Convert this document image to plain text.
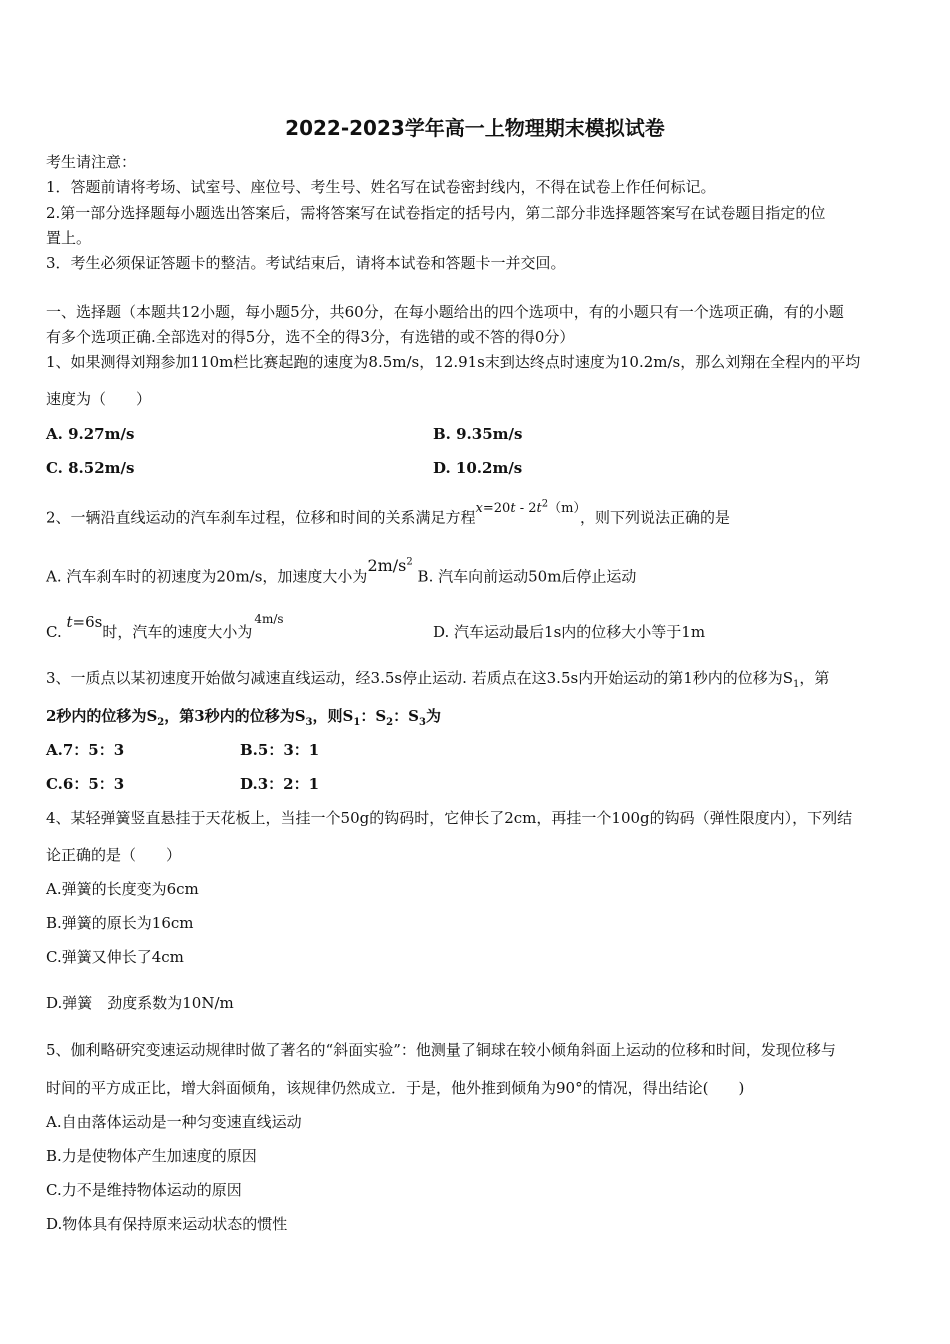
2022-2023学年高一上物理期末模拟试卷
考生请注意：
1．答题前请将考场、试室号、座位号、考生号、姓名写在试卷密封线内，不得在试卷上作任何标记。
2.第一部分选择题每小题选出答案后，需将答案写在试卷指定的括号内，第二部分非选择题答案写在试卷题目指定的位
置上。
3．考生必须保证答题卡的整洁。考试结束后，请将本试卷和答题卡一并交回。
一、选择题（本题共12小题，每小题5分，共60分，在每小题给出的四个选项中，有的小题只有一个选项正确，有的小题
有多个选项正确.全部选对的得5分，选不全的得3分，有选错的或不答的得0分）
1、如果测得刘翔参加110m栏比赛起跑的速度为8.5m/s，12.91s末到达终点时速度为10.2m/s，那么刘翔在全程内的平均
速度为（　　）
A. 9.27m/s	B. 9.35m/s
C. 8.52m/s	D. 10.2m/s
2、一辆沿直线运动的汽车刹车过程，位移和时间的关系满足方程$x=20t - 2t^2(m)$，则下列说法正确的是
A. 汽车刹车时的初速度为20m/s，加速度大小为$2m/s^2$ B. 汽车向前运动50m后停止运动
C. t=6s时，汽车的速度大小为$^{4m/s}$
D. 汽车运动最后1s内的位移大小等于1m
3、一质点以某初速度开始做匀减速直线运动，经3.5s停止运动. 若质点在这3.5s内开始运动的第1秒内的位移为$S_1$，第
2秒内的位移为$S_2$，第3秒内的位移为$S_3$，则$S_1$：$S_2$：$S_3$为
A.7：5：3	B.5：3：1
C.6：5：3	D.3：2：1
4、某轻弹簧竖直悬挂于天花板上，当挂一个50g的钩码时，它伸长了2cm，再挂一个100g的钩码（弹性限度内），下列结
论正确的是（　　）
A.弹簧的长度变为6cm
B.弹簧的原长为16cm
C.弹簧又伸长了4cm
D.弹簧　劲度系数为10N/m
5、伽利略研究变速运动规律时做了著名的“斜面实验”：他测量了铜球在较小倾角斜面上运动的位移和时间，发现位移与
时间的平方成正比，增大斜面倾角，该规律仍然成立．于是，他外推到倾角为90°的情况，得出结论(　　)
A.自由落体运动是一种匀变速直线运动
B.力是使物体产生加速度的原因
C.力不是维持物体运动的原因
D.物体具有保持原来运动状态的惯性
